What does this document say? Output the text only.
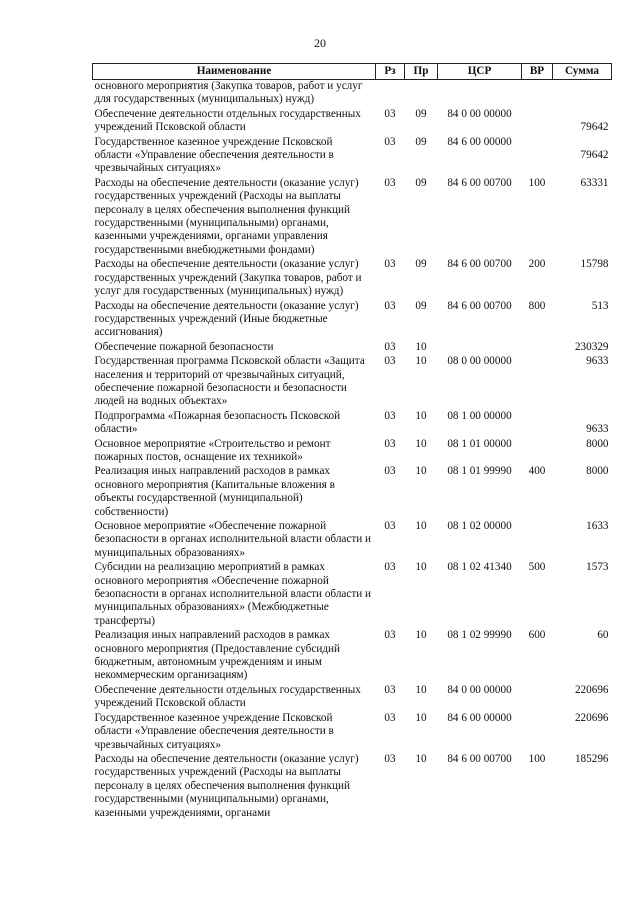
20
Наименование	Рз	Пр	ЦСР	ВР	Сумма
основного мероприятия (Закупка товаров, работ и услуг для государственных (муниципальных) нужд)					
Обеспечение деятельности отдельных государственных учреждений Псковской области	03	09	84 0 00 00000		79642
Государственное казенное учреждение Псковской области «Управление обеспечения деятельности в чрезвычайных ситуациях»	03	09	84 6 00 00000		79642
Расходы на обеспечение деятельности (оказание услуг) государственных учреждений (Расходы на выплаты персоналу в целях обеспечения выполнения функций государственными (муниципальными) органами, казенными учреждениями, органами управления государственными внебюджетными фондами)	03	09	84 6 00 00700	100	63331
Расходы на обеспечение деятельности (оказание услуг) государственных учреждений (Закупка товаров, работ и услуг для государственных (муниципальных) нужд)	03	09	84 6 00 00700	200	15798
Расходы на обеспечение деятельности (оказание услуг) государственных учреждений (Иные бюджетные ассигнования)	03	09	84 6 00 00700	800	513
Обеспечение пожарной безопасности	03	10			230329
Государственная программа Псковской области «Защита населения и территорий от чрезвычайных ситуаций, обеспечение пожарной безопасности и безопасности людей на водных объектах»	03	10	08 0 00 00000		9633
Подпрограмма «Пожарная безопасность Псковской области»	03	10	08 1 00 00000		9633
Основное мероприятие «Строительство и ремонт пожарных постов, оснащение их техникой»	03	10	08 1 01 00000		8000
Реализация иных направлений расходов в рамках основного мероприятия (Капитальные вложения в объекты государственной (муниципальной) собственности)	03	10	08 1 01 99990	400	8000
Основное мероприятие «Обеспечение пожарной безопасности в органах исполнительной власти области и муниципальных образованиях»	03	10	08 1 02 00000		1633
Субсидии на реализацию мероприятий в рамках основного мероприятия «Обеспечение пожарной безопасности в органах исполнительной власти области и муниципальных образованиях» (Межбюджетные трансферты)	03	10	08 1 02 41340	500	1573
Реализация иных направлений расходов в рамках основного мероприятия (Предоставление субсидий бюджетным, автономным учреждениям и иным некоммерческим организациям)	03	10	08 1 02 99990	600	60
Обеспечение деятельности отдельных государственных учреждений Псковской области	03	10	84 0 00 00000		220696
Государственное казенное учреждение Псковской области «Управление обеспечения деятельности в чрезвычайных ситуациях»	03	10	84 6 00 00000		220696
Расходы на обеспечение деятельности (оказание услуг) государственных учреждений (Расходы на выплаты персоналу в целях обеспечения выполнения функций государственными (муниципальными) органами, казенными учреждениями, органами	03	10	84 6 00 00700	100	185296
